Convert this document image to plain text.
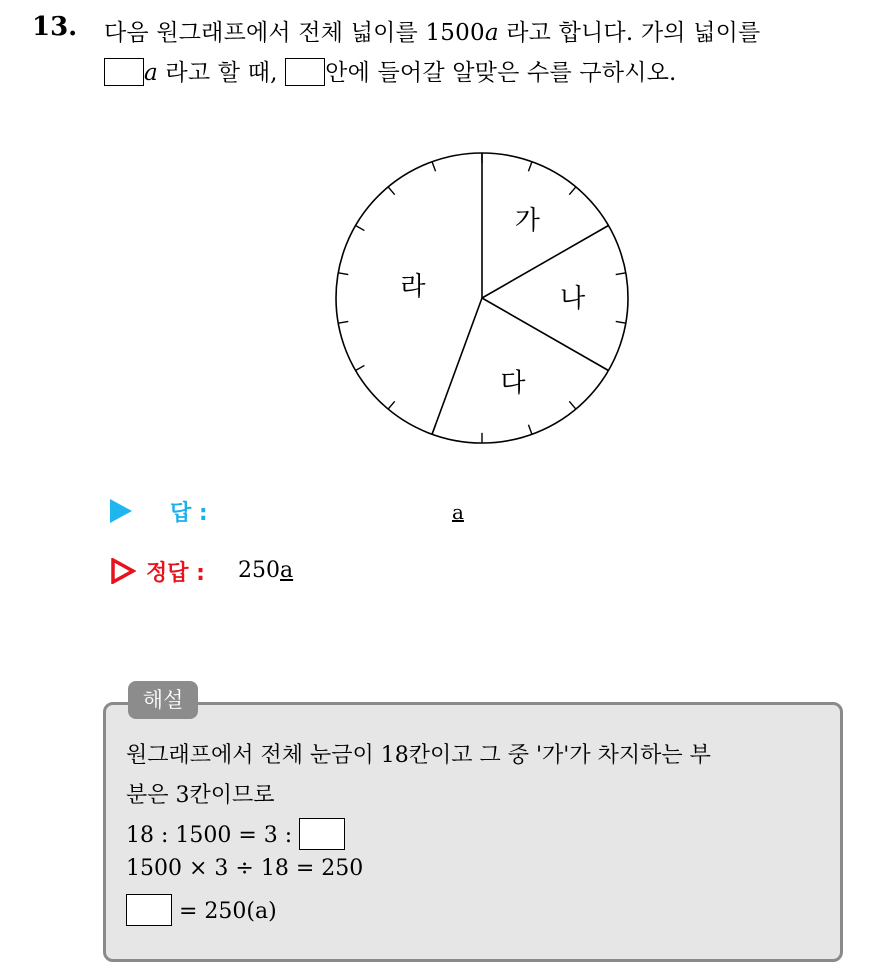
13. 다음 원그래프에서 전체 넓이를 1500a 라고 합니다. 가의 넓이를
a 라고 할 때, 안에 들어갈 알맞은 수를 구하시오.
가
나
다
라
답 :	a
정답 : 250a
해설
원그래프에서 전체 눈금이 18칸이고 그 중 '가'가 차지하는 부
분은 3칸이므로
18 : 1500 = 3 :
1500 × 3 ÷ 18 = 250
= 250(a)
